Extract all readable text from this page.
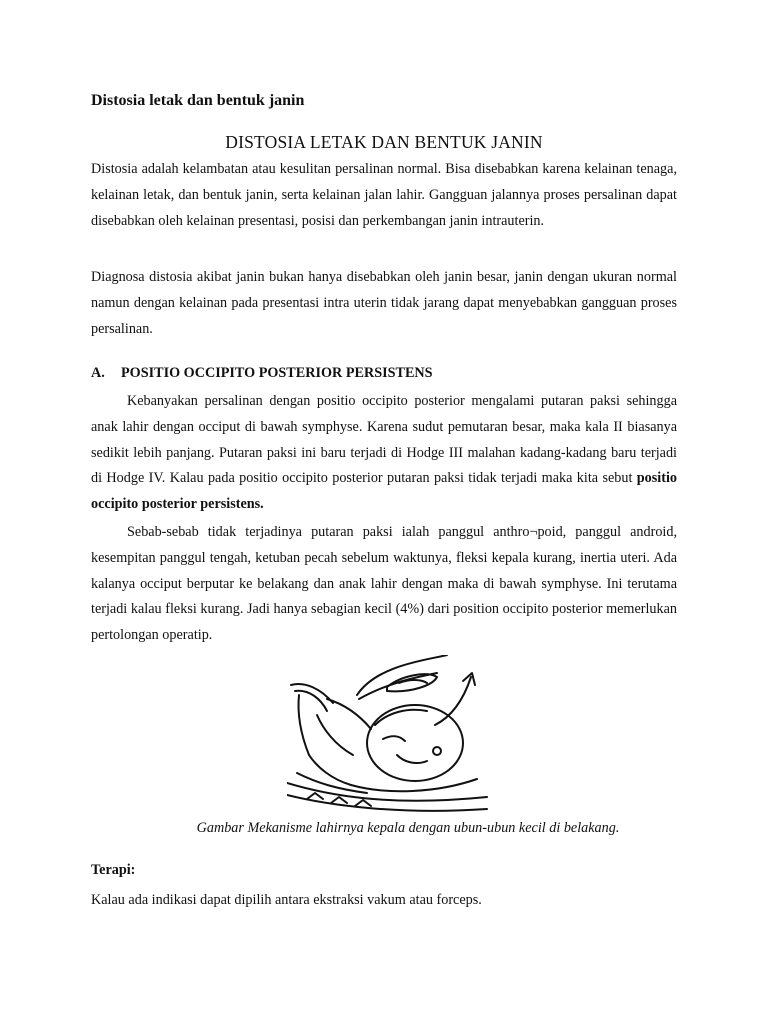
Distosia letak dan bentuk janin

DISTOSIA LETAK DAN BENTUK JANIN

Distosia adalah kelambatan atau kesulitan persalinan normal. Bisa disebabkan karena kelainan tenaga, kelainan letak, dan bentuk janin, serta kelainan jalan lahir. Gangguan jalannya proses persalinan dapat disebabkan oleh kelainan presentasi, posisi dan perkembangan janin intrauterin.

Diagnosa distosia akibat janin bukan hanya disebabkan oleh janin besar, janin dengan ukuran normal namun dengan kelainan pada presentasi intra uterin tidak jarang dapat menyebabkan gangguan proses persalinan.

A. POSITIO OCCIPITO POSTERIOR PERSISTENS

Kebanyakan persalinan dengan positio occipito posterior mengalami putaran paksi sehingga anak lahir dengan occiput di bawah symphyse. Karena sudut pemutaran besar, maka kala II biasanya sedikit lebih panjang. Putaran paksi ini baru terjadi di Hodge III malahan kadang-kadang baru terjadi di Hodge IV. Kalau pada positio occipito posterior putaran paksi tidak terjadi maka kita sebut positio occipito posterior persistens.

Sebab-sebab tidak terjadinya putaran paksi ialah panggul anthro¬poid, panggul android, kesempitan panggul tengah, ketuban pecah sebelum waktunya, fleksi kepala kurang, inertia uteri. Ada kalanya occiput berputar ke belakang dan anak lahir dengan maka di bawah symphyse. Ini terutama terjadi kalau fleksi kurang. Jadi hanya sebagian kecil (4%) dari position occipito posterior memerlukan pertolongan operatip.

Gambar Mekanisme lahirnya kepala dengan ubun-ubun kecil di belakang.

Terapi:

Kalau ada indikasi dapat dipilih antara ekstraksi vakum atau forceps.
